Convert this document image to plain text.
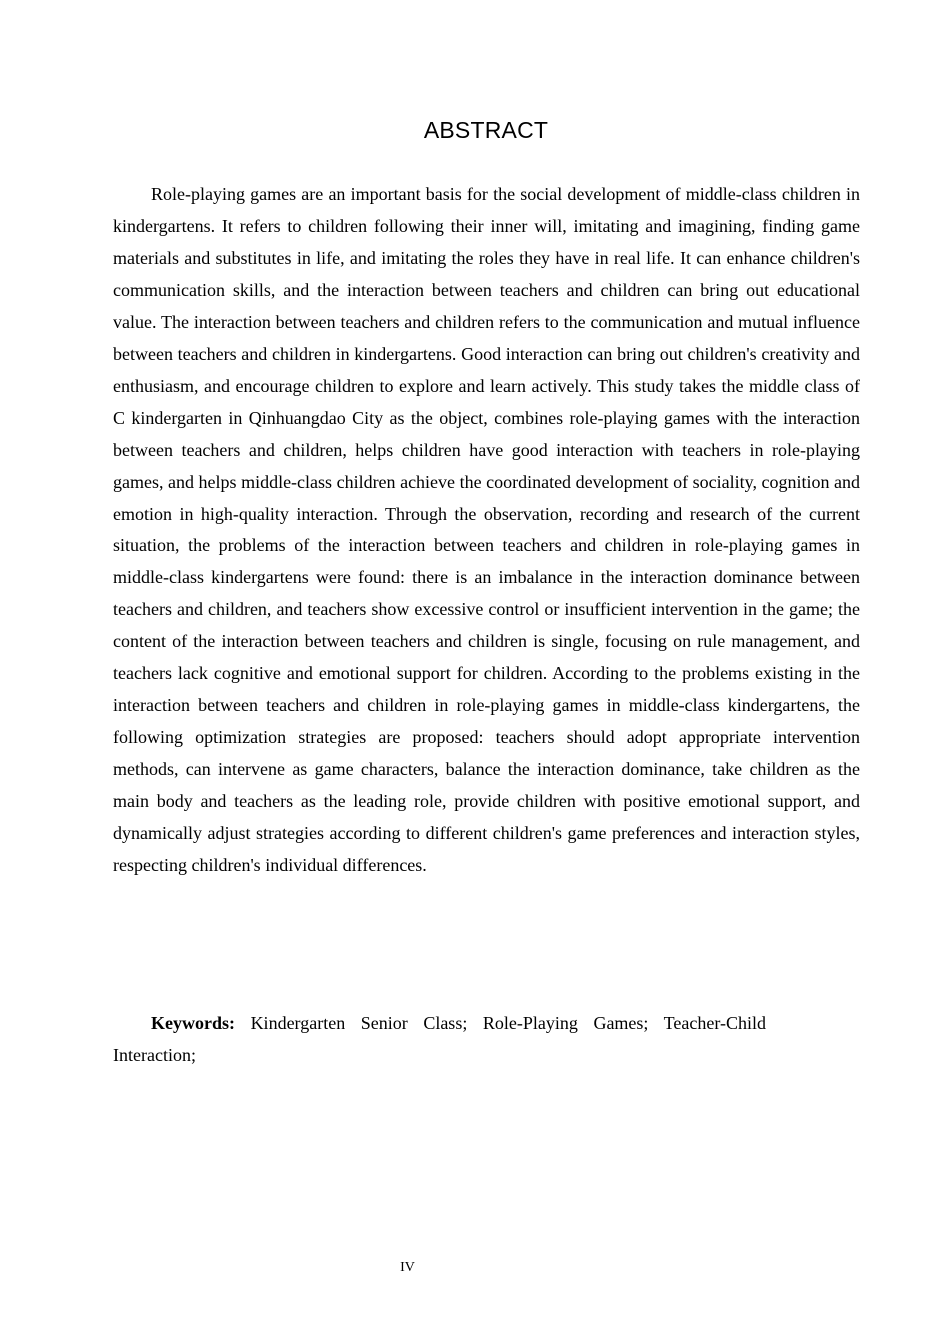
ABSTRACT

Role-playing games are an important basis for the social development of middle-class children in kindergartens. It refers to children following their inner will, imitating and imagining, finding game materials and substitutes in life, and imitating the roles they have in real life. It can enhance children's communication skills, and the interaction between teachers and children can bring out educational value. The interaction between teachers and children refers to the communication and mutual influence between teachers and children in kindergartens. Good interaction can bring out children's creativity and enthusiasm, and encourage children to explore and learn actively. This study takes the middle class of C kindergarten in Qinhuangdao City as the object, combines role-playing games with the interaction between teachers and children, helps children have good interaction with teachers in role-playing games, and helps middle-class children achieve the coordinated development of sociality, cognition and emotion in high-quality interaction. Through the observation, recording and research of the current situation, the problems of the interaction between teachers and children in role-playing games in middle-class kindergartens were found: there is an imbalance in the interaction dominance between teachers and children, and teachers show excessive control or insufficient intervention in the game; the content of the interaction between teachers and children is single, focusing on rule management, and teachers lack cognitive and emotional support for children. According to the problems existing in the interaction between teachers and children in role-playing games in middle-class kindergartens, the following optimization strategies are proposed: teachers should adopt appropriate intervention methods, can intervene as game characters, balance the interaction dominance, take children as the main body and teachers as the leading role, provide children with positive emotional support, and dynamically adjust strategies according to different children's game preferences and interaction styles, respecting children's individual differences.

Keywords: Kindergarten Senior Class; Role-Playing Games; Teacher-Child Interaction;

IV
